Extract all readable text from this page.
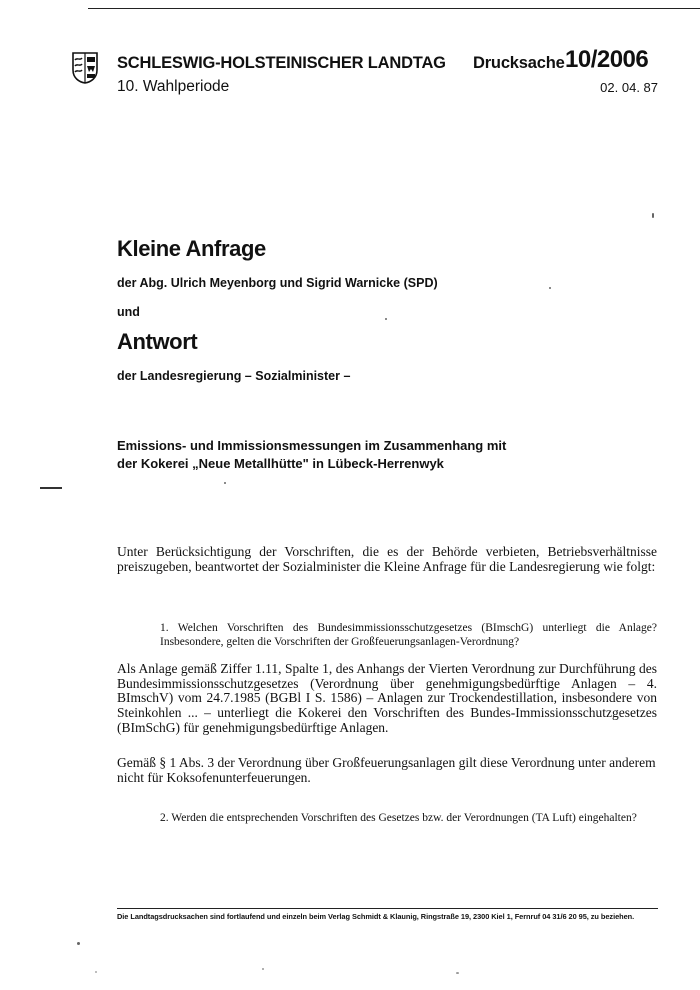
SCHLESWIG-HOLSTEINISCHER LANDTAG
10. Wahlperiode
Drucksache 10/2006
02. 04. 87
Kleine Anfrage
der Abg. Ulrich Meyenborg und Sigrid Warnicke (SPD)
und
Antwort
der Landesregierung – Sozialminister –
Emissions- und Immissionsmessungen im Zusammenhang mit
der Kokerei „Neue Metallhütte" in Lübeck-Herrenwyk
Unter Berücksichtigung der Vorschriften, die es der Behörde verbieten, Betriebsverhältnisse preiszugeben, beantwortet der Sozialminister die Kleine Anfrage für die Landesregierung wie folgt:
1. Welchen Vorschriften des Bundesimmissionsschutzgesetzes (BImschG) unterliegt die Anlage? Insbesondere, gelten die Vorschriften der Großfeuerungsanlagen-Verordnung?
Als Anlage gemäß Ziffer 1.11, Spalte 1, des Anhangs der Vierten Verordnung zur Durchführung des Bundesimmissionsschutzgesetzes (Verordnung über genehmigungsbedürftige Anlagen – 4. BImschV) vom 24.7.1985 (BGBl I S. 1586) – Anlagen zur Trockendestillation, insbesondere von Steinkohlen ... – unterliegt die Kokerei den Vorschriften des Bundes-Immissionsschutzgesetzes (BImSchG) für genehmigungsbedürftige Anlagen.
Gemäß § 1 Abs. 3 der Verordnung über Großfeuerungsanlagen gilt diese Verordnung unter anderem nicht für Koksofenunterfeuerungen.
2. Werden die entsprechenden Vorschriften des Gesetzes bzw. der Verordnungen (TA Luft) eingehalten?
Die Landtagsdrucksachen sind fortlaufend und einzeln beim Verlag Schmidt & Klaunig, Ringstraße 19, 2300 Kiel 1, Fernruf 04 31/6 20 95, zu beziehen.
